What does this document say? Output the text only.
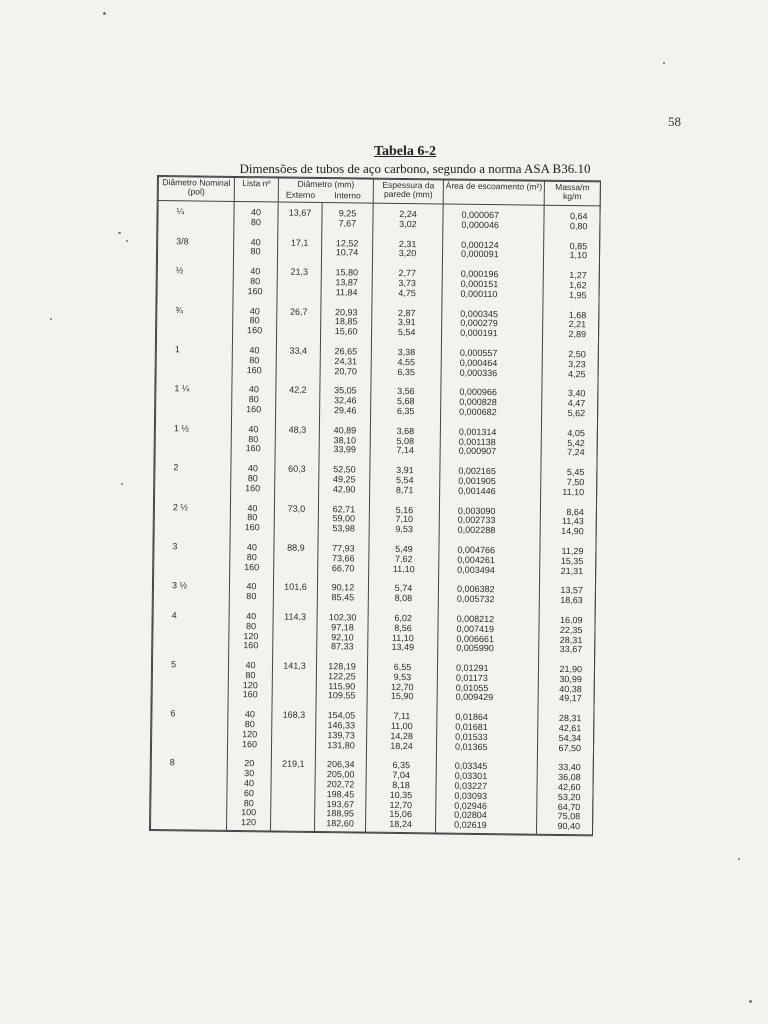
58
Tabela 6-2
Dimensões de tubos de aço carbono, segundo a norma ASA B36.10
Diâmetro Nominal (pol)	Lista nº	Diâmetro (mm)		Espessura da parede (mm)	Área de escoamento (m²)	Massa/m kg/m
		Externo	Interno			
¼	40	13,67	9,25	2,24	0,000067	0,64
	80		7,67	3,02	0,000046	0,80
3/8	40	17,1	12,52	2,31	0,000124	0,85
	80		10,74	3,20	0,000091	1,10
½	40	21,3	15,80	2,77	0,000196	1,27
	80		13,87	3,73	0,000151	1,62
	160		11,84	4,75	0,000110	1,95
¾	40	26,7	20,93	2,87	0,000345	1,68
	80		18,85	3,91	0,000279	2,21
	160		15,60	5,54	0,000191	2,89
1	40	33,4	26,65	3,38	0,000557	2,50
	80		24,31	4,55	0,000464	3,23
	160		20,70	6,35	0,000336	4,25
1 ¼	40	42,2	35,05	3,56	0,000966	3,40
	80		32,46	5,68	0,000828	4,47
	160		29,46	6,35	0,000682	5,62
1 ½	40	48,3	40,89	3,68	0,001314	4,05
	80		38,10	5,08	0,001138	5,42
	160		33,99	7,14	0,000907	7,24
2	40	60,3	52,50	3,91	0,002165	5,45
	80		49,25	5,54	0,001905	7,50
	160		42,90	8,71	0,001446	11,10
2 ½	40	73,0	62,71	5,16	0,003090	8,64
	80		59,00	7,10	0,002733	11,43
	160		53,98	9,53	0,002288	14,90
3	40	88,9	77,93	5,49	0,004766	11,29
	80		73,66	7,62	0,004261	15,35
	160		66,70	11,10	0,003494	21,31
3 ½	40	101,6	90,12	5,74	0,006382	13,57
	80		85,45	8,08	0,005732	18,63
4	40	114,3	102,30	6,02	0,008212	16,09
	80		97,18	8,56	0,007419	22,35
	120		92,10	11,10	0,006661	28,31
	160		87,33	13,49	0,005990	33,67
5	40	141,3	128,19	6,55	0,01291	21,90
	80		122,25	9,53	0,01173	30,99
	120		115,90	12,70	0,01055	40,38
	160		109,55	15,90	0,009429	49,17
6	40	168,3	154,05	7,11	0,01864	28,31
	80		146,33	11,00	0,01681	42,61
	120		139,73	14,28	0,01533	54,34
	160		131,80	18,24	0,01365	67,50
8	20	219,1	206,34	6,35	0,03345	33,40
	30		205,00	7,04	0,03301	36,08
	40		202,72	8,18	0,03227	42,60
	60		198,45	10,35	0,03093	53,20
	80		193,67	12,70	0,02946	64,70
	100		188,95	15,06	0,02804	75,08
	120		182,60	18,24	0,02619	90,40
